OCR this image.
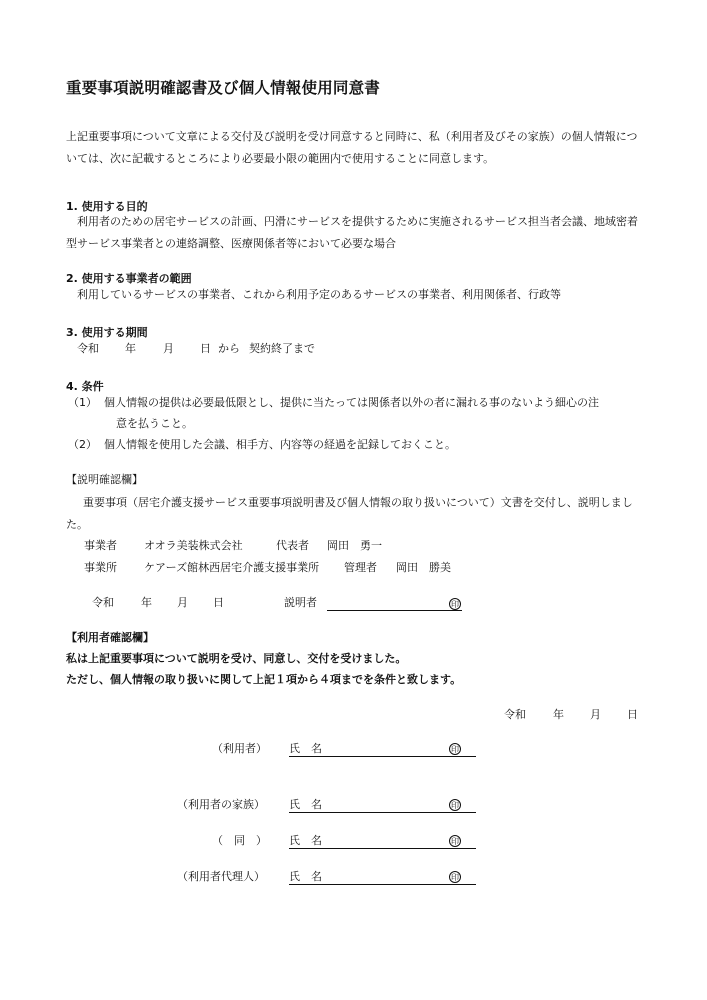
重要事項説明確認書及び個人情報使用同意書
上記重要事項について文章による交付及び説明を受け同意すると同時に、私（利用者及びその家族）の個人情報については、次に記載するところにより必要最小限の範囲内で使用することに同意します。
1. 使用する目的
利用者のための居宅サービスの計画、円滑にサービスを提供するために実施されるサービス担当者会議、地域密着型サービス事業者との連絡調整、医療関係者等において必要な場合
2. 使用する事業者の範囲
利用しているサービスの事業者、これから利用予定のあるサービスの事業者、利用関係者、行政等
3. 使用する期間
令和 年 月 日 から 契約終了まで
4. 条件
（1） 個人情報の提供は必要最低限とし、提供に当たっては関係者以外の者に漏れる事のないよう細心の注
意を払うこと。
（2） 個人情報を使用した会議、相手方、内容等の経過を記録しておくこと。
【説明確認欄】
重要事項（居宅介護支援サービス重要事項説明書及び個人情報の取り扱いについて）文書を交付し、説明しました。
事業者 オオラ美装株式会社	代表者 岡田　勇一
事業所 ケアーズ館林西居宅介護支援事業所 管理者 岡田　勝美
令和 年 月 日	説明者	印
【利用者確認欄】
私は上記重要事項について説明を受け、同意し、交付を受けました。
ただし、個人情報の取り扱いに関して上記１項から４項までを条件と致します。
令和 年 月 日
（利用者） 氏　名	印
（利用者の家族） 氏　名	印
（　同　） 氏　名	印
（利用者代理人） 氏　名	印
